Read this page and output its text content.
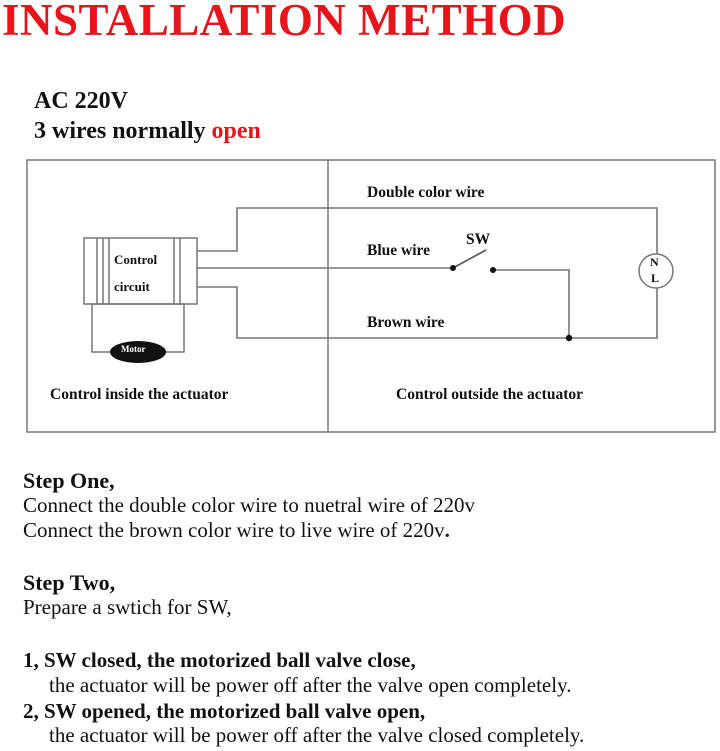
INSTALLATION METHOD
AC 220V
3 wires normally open
Double color wire
Blue wire
SW
Brown wire
Control
circuit
Motor
N
L
Control inside the actuator	Control outside the actuator
Step One,
Connect the double color wire to nuetral wire of 220v
Connect the brown color wire to live wire of 220v.
Step Two,
Prepare a swtich for SW,
1, SW closed, the motorized ball valve close,
the actuator will be power off after the valve open completely.
2, SW opened, the motorized ball valve open,
the actuator will be power off after the valve closed completely.
